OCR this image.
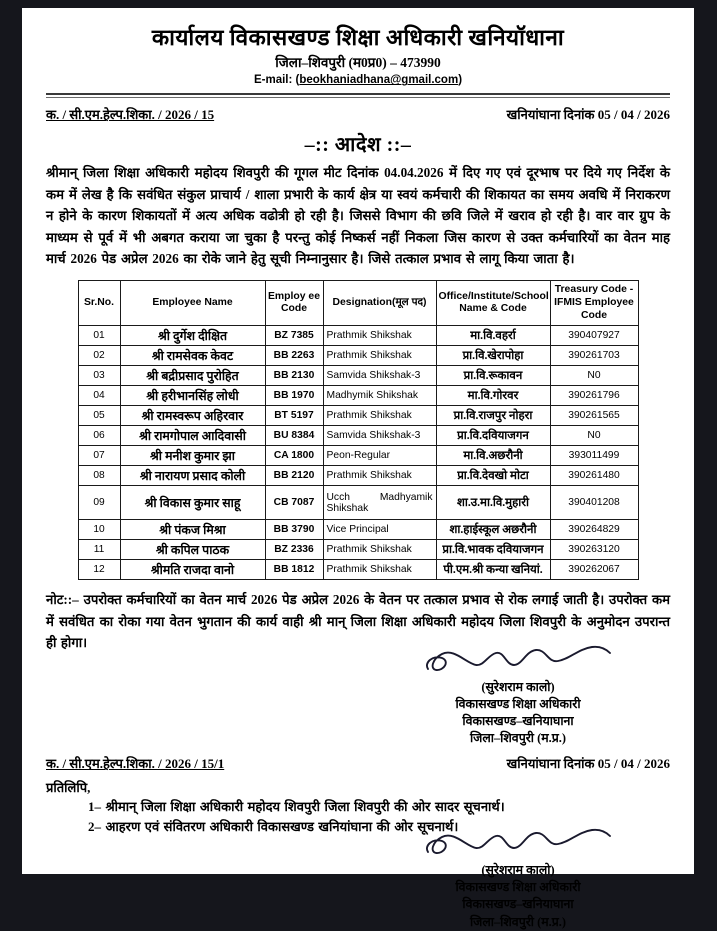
कार्यालय विकासखण्ड शिक्षा अधिकारी खनियॉधाना
जिला–शिवपुरी (म0प्र0) – 473990
E-mail: (beokhaniadhana@gmail.com)
क. / सी.एम.हेल्प.शिका. / 2026 / 15	खनियांघाना दिनांक 05 / 04 / 2026
–:: आदेश ::–
श्रीमान् जिला शिक्षा अधिकारी महोदय शिवपुरी की गूगल मीट दिनांक 04.04.2026 में दिए गए एवं दूरभाष पर दिये गए निर्देश के कम में लेख है कि सवंधित संकुल प्राचार्य / शाला प्रभारी के कार्य क्षेत्र या स्वयं कर्मचारी की शिकायत का समय अवधि में निराकरण न होने के कारण शिकायतों में अत्य अधिक वढोत्री हो रही है। जिससे विभाग की छवि जिले में खराव हो रही है। वार वार ग्रुप के माध्यम से पूर्व में भी अबगत कराया जा चुका है परन्तु कोई निष्कर्स नहीं निकला जिस कारण से उक्त कर्मचारियों का वेतन माह मार्च 2026 पेड अप्रेल 2026 का रोके जाने हेतु सूची निम्नानुसार है। जिसे तत्काल प्रभाव से लागू किया जाता है।
Sr.No.	Employee Name	Employ ee Code	Designation(मूल पद)	Office/Institute/School Name & Code	Treasury Code - IFMIS Employee Code
01	श्री दुर्गेश दीक्षित	BZ 7385	Prathmik Shikshak	मा.वि.वहर्रा	390407927
02	श्री रामसेवक केवट	BB 2263	Prathmik Shikshak	प्रा.वि.खेरापोहा	390261703
03	श्री बद्रीप्रसाद पुरोहित	BB 2130	Samvida Shikshak-3	प्रा.वि.रूकावन	N0
04	श्री हरीभानसिंह लोधी	BB 1970	Madhymik Shikshak	मा.वि.गोरवर	390261796
05	श्री रामस्वरूप अहिरवार	BT 5197	Prathmik Shikshak	प्रा.वि.राजपुर नोहरा	390261565
06	श्री रामगोपाल आदिवासी	BU 8384	Samvida Shikshak-3	प्रा.वि.दवियाजगन	N0
07	श्री मनीश कुमार झा	CA 1800	Peon-Regular	मा.वि.अछरौनी	393011499
08	श्री नारायण प्रसाद कोली	BB 2120	Prathmik Shikshak	प्रा.वि.देवखो मोटा	390261480
09	श्री विकास कुमार साहू	CB 7087	Ucch Madhyamik Shikshak	शा.उ.मा.वि.मुहारी	390401208
10	श्री पंकज मिश्रा	BB 3790	Vice Principal	शा.हाईस्कूल अछरौनी	390264829
11	श्री कपिल पाठक	BZ 2336	Prathmik Shikshak	प्रा.वि.भावक दवियाजगन	390263120
12	श्रीमति राजदा वानो	BB 1812	Prathmik Shikshak	पी.एम.श्री कन्या खनियां.	390262067
नोट::– उपरोक्त कर्मचारियों का वेतन मार्च 2026 पेड अप्रेल 2026 के वेतन पर तत्काल प्रभाव से रोक लगाई जाती है। उपरोक्त कम में सवंधित का रोका गया वेतन भुगतान की कार्य वाही श्री मान् जिला शिक्षा अधिकारी महोदय जिला शिवपुरी के अनुमोदन उपरान्त ही होगा।
(सुरेशराम कालो)
विकासखण्ड शिक्षा अधिकारी
विकासखण्ड–खनियाघाना
जिला–शिवपुरी (म.प्र.)
क. / सी.एम.हेल्प.शिका. / 2026 / 15/1	खनियांघाना दिनांक 05 / 04 / 2026
प्रतिलिपि,
1– श्रीमान् जिला शिक्षा अधिकारी महोदय शिवपुरी जिला शिवपुरी की ओर सादर सूचनार्थ।
2– आहरण एवं संवितरण अधिकारी विकासखण्ड खनियांघाना की ओर सूचनार्थ।
(सुरेशराम कालो)
विकासखण्ड शिक्षा अधिकारी
विकासखण्ड–खनियाघाना
जिला–शिवपुरी (म.प्र.)
